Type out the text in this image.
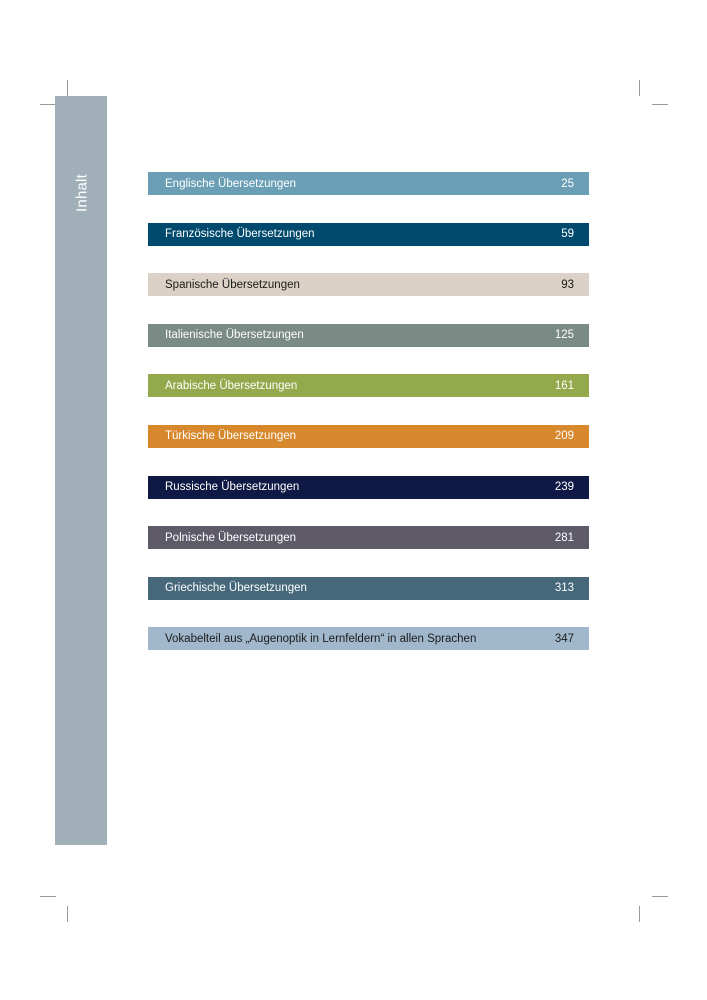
Inhalt	Englische Übersetzungen	25
Französische Übersetzungen	59
Spanische Übersetzungen	93
Italienische Übersetzungen	125
Arabische Übersetzungen	161
Türkische Übersetzungen	209
Russische Übersetzungen	239
Polnische Übersetzungen	281
Griechische Übersetzungen	313
Vokabelteil aus „Augenoptik in Lernfeldern“ in allen Sprachen	347
